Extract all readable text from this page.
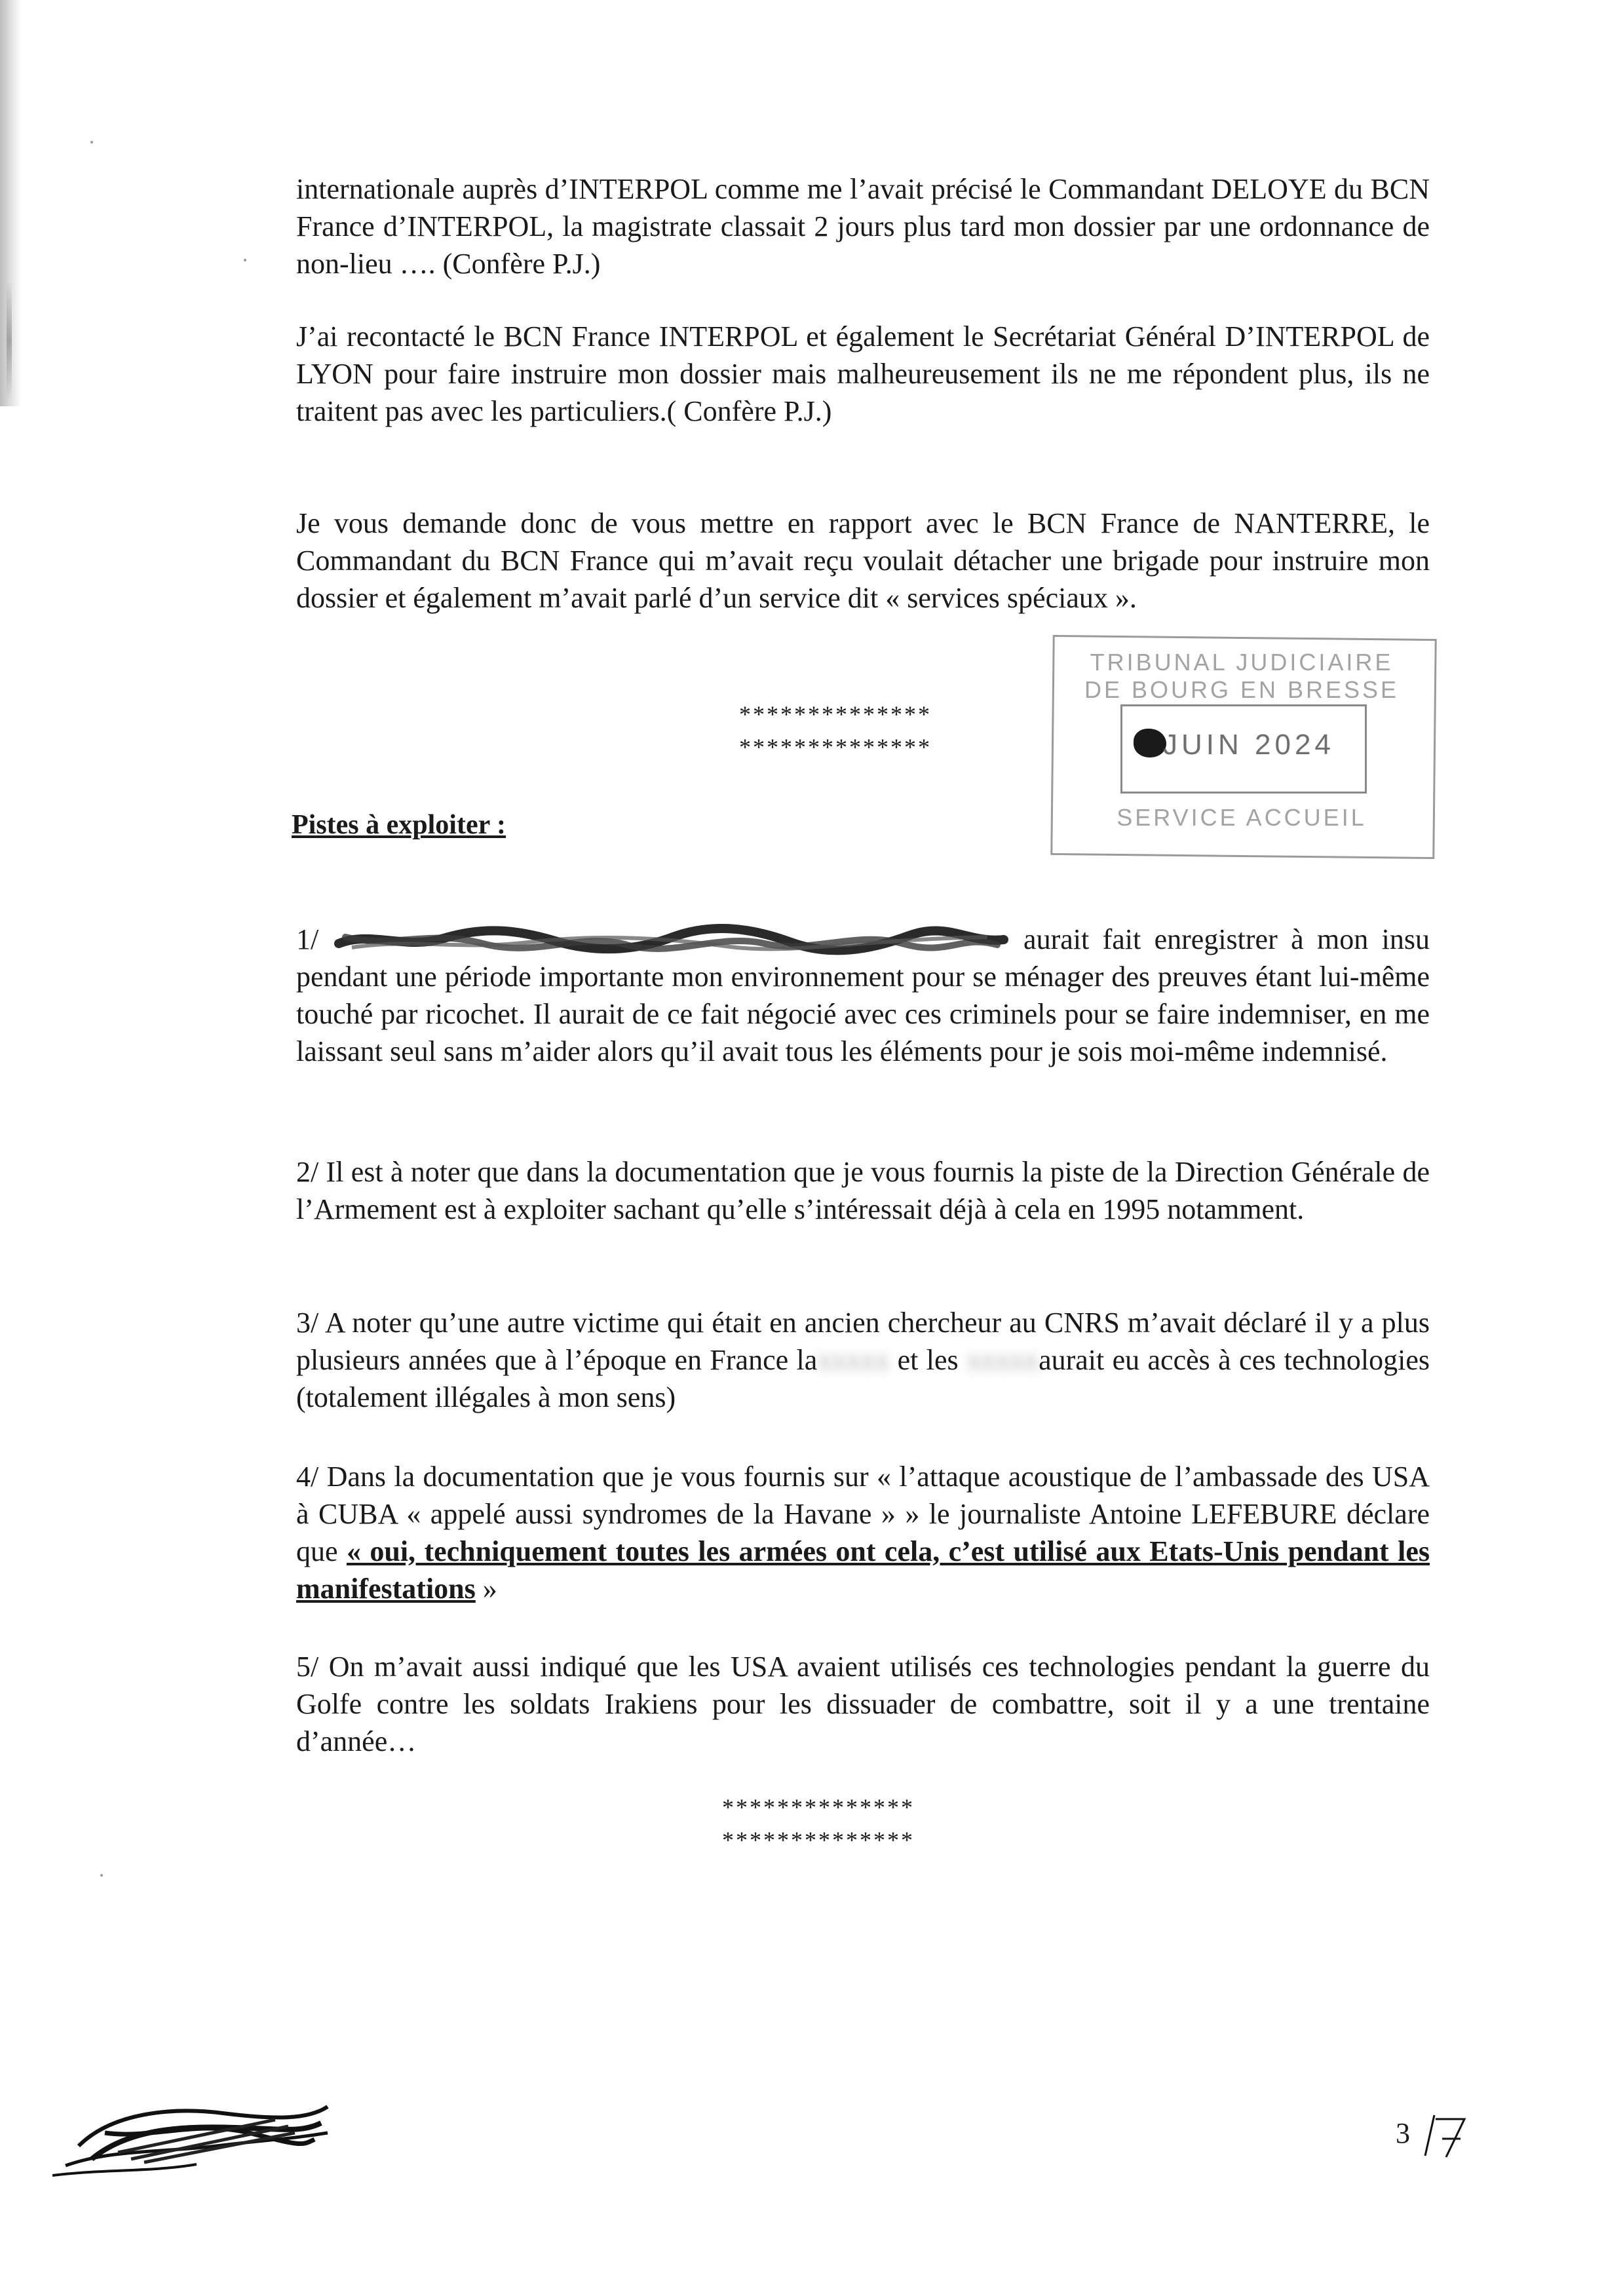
internationale auprès d’INTERPOL comme me l’avait précisé le Commandant DELOYE du BCN France d’INTERPOL, la magistrate classait 2 jours plus tard mon dossier par une ordonnance de non-lieu …. (Confère P.J.)

J’ai recontacté le BCN France INTERPOL et également le Secrétariat Général D’INTERPOL de LYON pour faire instruire mon dossier mais malheureusement ils ne me répondent plus, ils ne traitent pas avec les particuliers.( Confère P.J.)

Je vous demande donc de vous mettre en rapport avec le BCN France de NANTERRE, le Commandant du BCN France qui m’avait reçu voulait détacher une brigade pour instruire mon dossier et également m’avait parlé d’un service dit « services spéciaux ».

**************
**************
TRIBUNAL JUDICIAIRE
DE BOURG EN BRESSE
JUIN 2024
SERVICE ACCUEIL
Pistes à exploiter :

1/	aurait fait enregistrer à mon insu pendant une période importante mon environnement pour se ménager des preuves étant lui-même touché par ricochet. Il aurait de ce fait négocié avec ces criminels pour se faire indemniser, en me laissant seul sans m’aider alors qu’il avait tous les éléments pour je sois moi-même indemnisé.

2/ Il est à noter que dans la documentation que je vous fournis la piste de la Direction Générale de l’Armement est à exploiter sachant qu’elle s’intéressait déjà à cela en 1995 notamment.

3/ A noter qu’une autre victime qui était en ancien chercheur au CNRS m’avait déclaré il y a plus plusieurs années que à l’époque en France laxxxxx et les xxxxxaurait eu accès à ces technologies (totalement illégales à mon sens)

4/ Dans la documentation que je vous fournis sur « l’attaque acoustique de l’ambassade des USA à CUBA « appelé aussi syndromes de la Havane » » le journaliste Antoine LEFEBURE déclare que « oui, techniquement toutes les armées ont cela, c’est utilisé aux Etats-Unis pendant les manifestations »

5/ On m’avait aussi indiqué que les USA avaient utilisés ces technologies pendant la guerre du Golfe contre les soldats Irakiens pour les dissuader de combattre, soit il y a une trentaine d’année…

**************
**************
3
